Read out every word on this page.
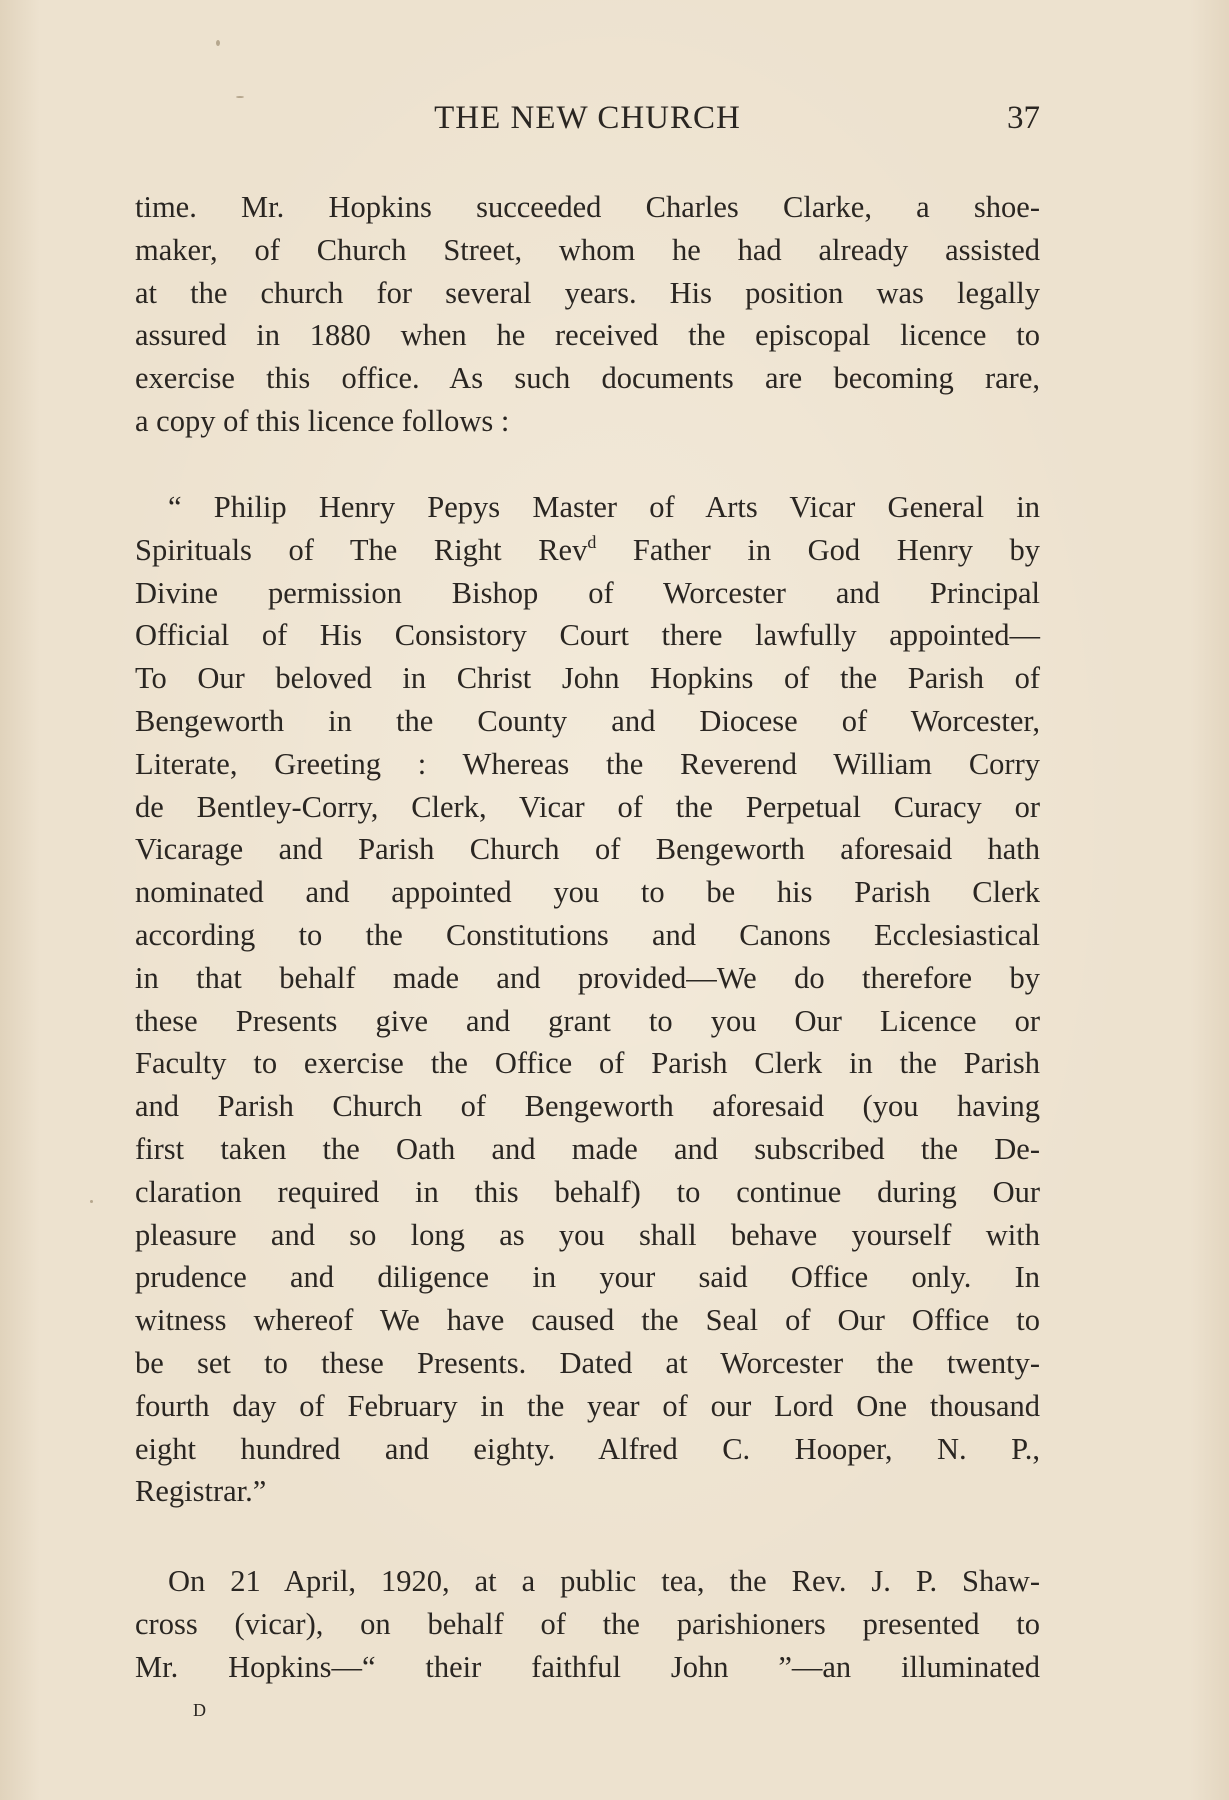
THE NEW CHURCH	37
time. Mr. Hopkins succeeded Charles Clarke, a shoe-
maker, of Church Street, whom he had already assisted
at the church for several years. His position was legally
assured in 1880 when he received the episcopal licence to
exercise this office. As such documents are becoming rare,
a copy of this licence follows :
“ Philip Henry Pepys Master of Arts Vicar General in
Spirituals of The Right Rev$^d$ Father in God Henry by
Divine permission Bishop of Worcester and Principal
Official of His Consistory Court there lawfully appointed—
To Our beloved in Christ John Hopkins of the Parish of
Bengeworth in the County and Diocese of Worcester,
Literate, Greeting : Whereas the Reverend William Corry
de Bentley-Corry, Clerk, Vicar of the Perpetual Curacy or
Vicarage and Parish Church of Bengeworth aforesaid hath
nominated and appointed you to be his Parish Clerk
according to the Constitutions and Canons Ecclesiastical
in that behalf made and provided—We do therefore by
these Presents give and grant to you Our Licence or
Faculty to exercise the Office of Parish Clerk in the Parish
and Parish Church of Bengeworth aforesaid (you having
first taken the Oath and made and subscribed the De-
claration required in this behalf) to continue during Our
pleasure and so long as you shall behave yourself with
prudence and diligence in your said Office only. In
witness whereof We have caused the Seal of Our Office to
be set to these Presents. Dated at Worcester the twenty-
fourth day of February in the year of our Lord One thousand
eight hundred and eighty. Alfred C. Hooper, N. P.,
Registrar.”
On 21 April, 1920, at a public tea, the Rev. J. P. Shaw-
cross (vicar), on behalf of the parishioners presented to
Mr. Hopkins—“ their faithful John ”—an illuminated
D
